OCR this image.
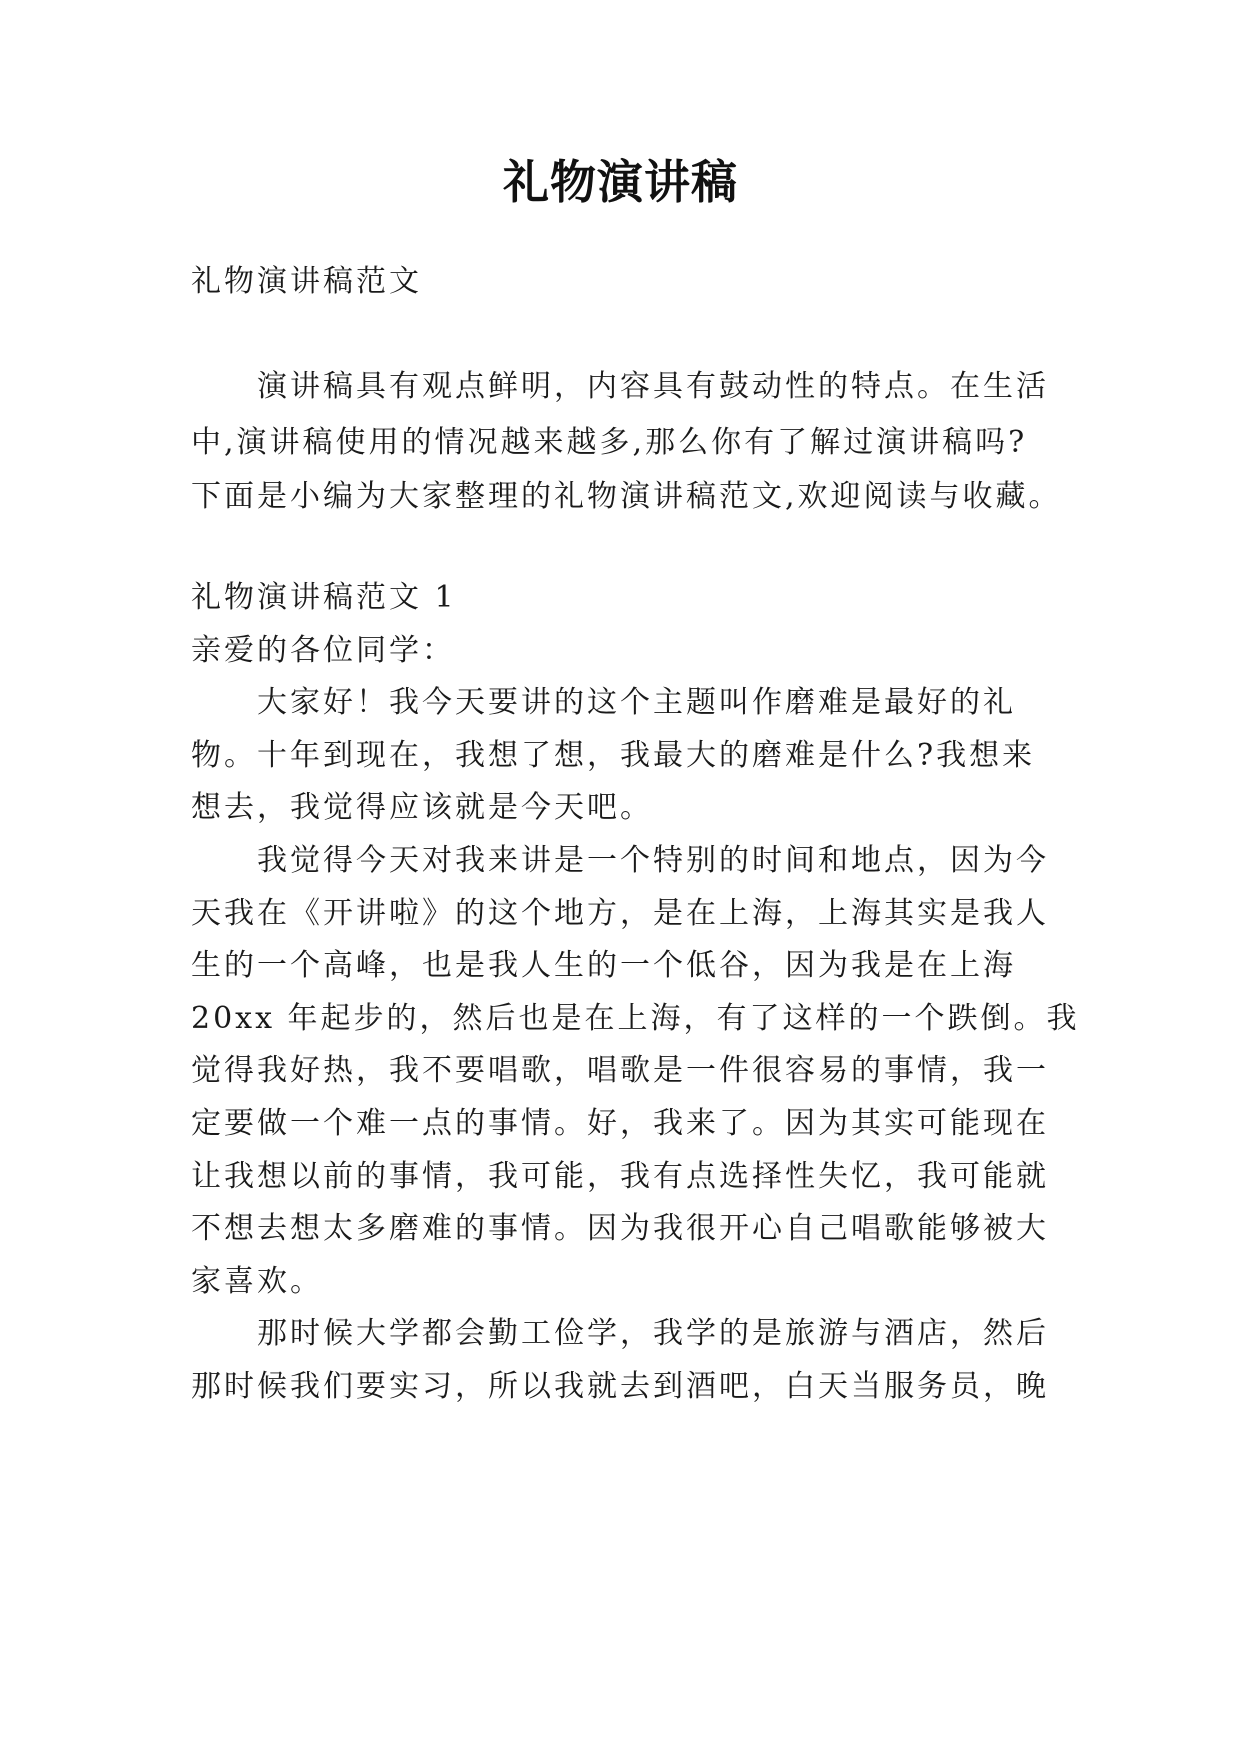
礼物演讲稿
礼物演讲稿范文
演讲稿具有观点鲜明，内容具有鼓动性的特点。在生活
中,演讲稿使用的情况越来越多,那么你有了解过演讲稿吗?
下面是小编为大家整理的礼物演讲稿范文,欢迎阅读与收藏。
礼物演讲稿范文 1
亲爱的各位同学：
大家好！我今天要讲的这个主题叫作磨难是最好的礼
物。十年到现在，我想了想，我最大的磨难是什么?我想来
想去，我觉得应该就是今天吧。
我觉得今天对我来讲是一个特别的时间和地点，因为今
天我在《开讲啦》的这个地方，是在上海，上海其实是我人
生的一个高峰，也是我人生的一个低谷，因为我是在上海
20xx 年起步的，然后也是在上海，有了这样的一个跌倒。我
觉得我好热，我不要唱歌，唱歌是一件很容易的事情，我一
定要做一个难一点的事情。好，我来了。因为其实可能现在
让我想以前的事情，我可能，我有点选择性失忆，我可能就
不想去想太多磨难的事情。因为我很开心自己唱歌能够被大
家喜欢。
那时候大学都会勤工俭学，我学的是旅游与酒店，然后
那时候我们要实习，所以我就去到酒吧，白天当服务员，晚
